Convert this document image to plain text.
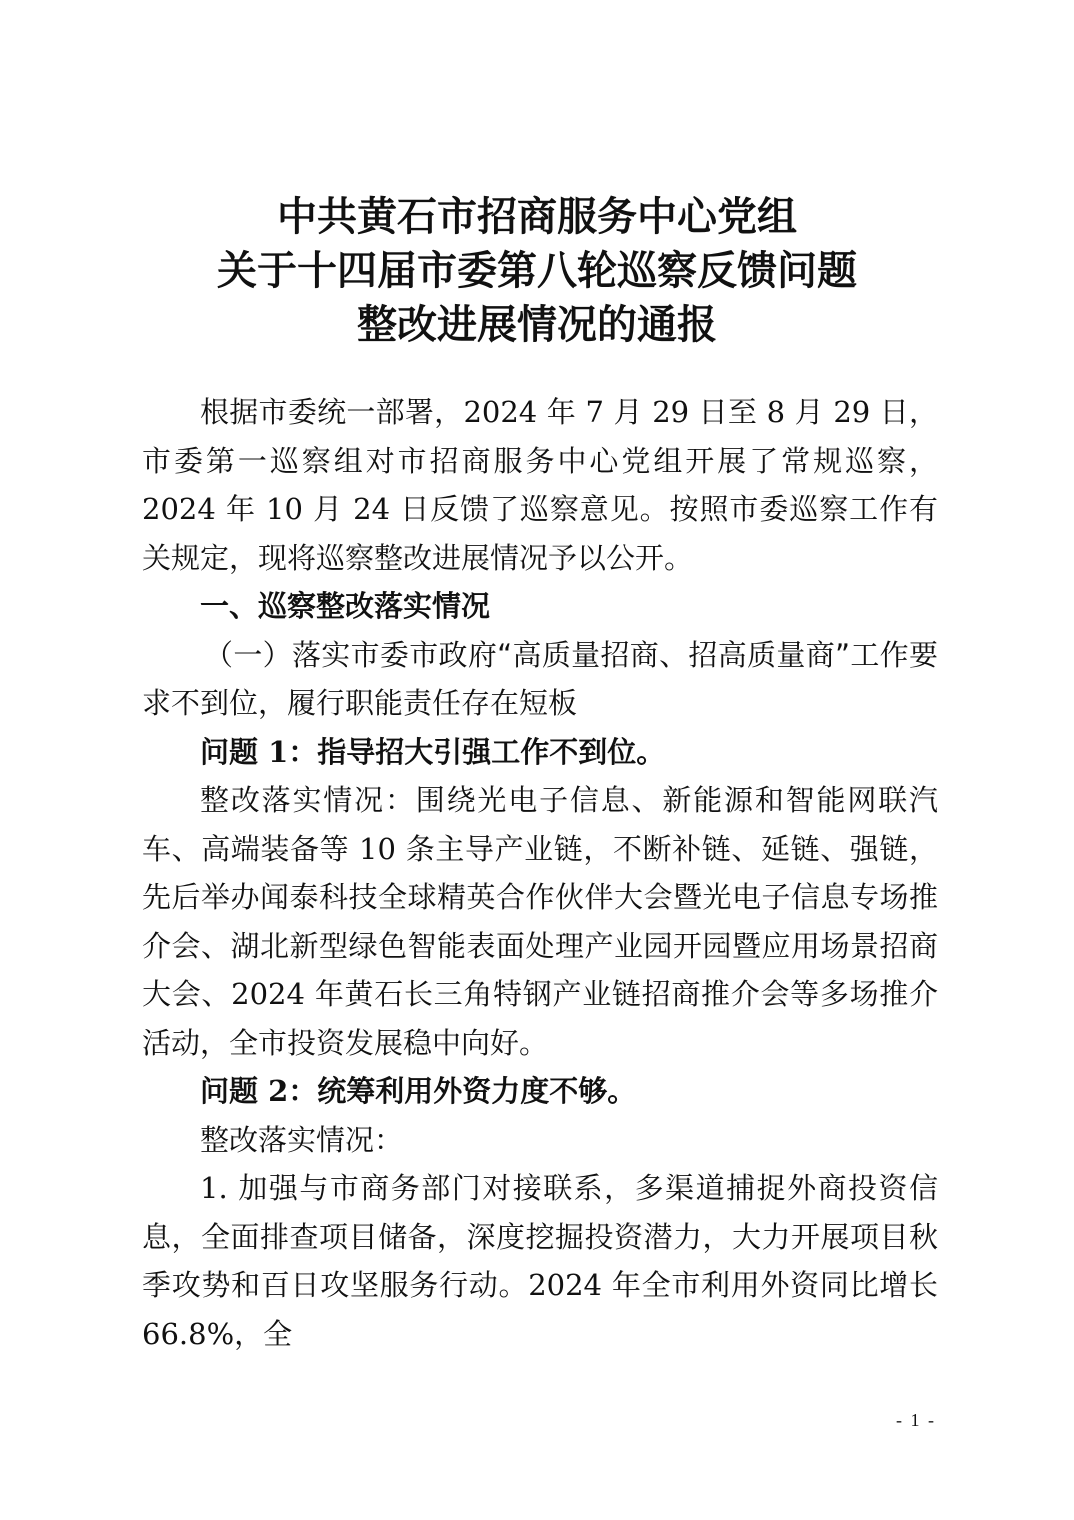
中共黄石市招商服务中心党组
关于十四届市委第八轮巡察反馈问题
整改进展情况的通报

根据市委统一部署，2024 年 7 月 29 日至 8 月 29 日，市委第一巡察组对市招商服务中心党组开展了常规巡察，2024 年 10 月 24 日反馈了巡察意见。按照市委巡察工作有关规定，现将巡察整改进展情况予以公开。

一、巡察整改落实情况

（一）落实市委市政府“高质量招商、招高质量商”工作要求不到位，履行职能责任存在短板

问题 1：指导招大引强工作不到位。

整改落实情况：围绕光电子信息、新能源和智能网联汽车、高端装备等 10 条主导产业链，不断补链、延链、强链，先后举办闻泰科技全球精英合作伙伴大会暨光电子信息专场推介会、湖北新型绿色智能表面处理产业园开园暨应用场景招商大会、2024 年黄石长三角特钢产业链招商推介会等多场推介活动，全市投资发展稳中向好。

问题 2：统筹利用外资力度不够。

整改落实情况：

1. 加强与市商务部门对接联系，多渠道捕捉外商投资信息，全面排查项目储备，深度挖掘投资潜力，大力开展项目秋季攻势和百日攻坚服务行动。2024 年全市利用外资同比增长 66.8%，全

- 1 -
